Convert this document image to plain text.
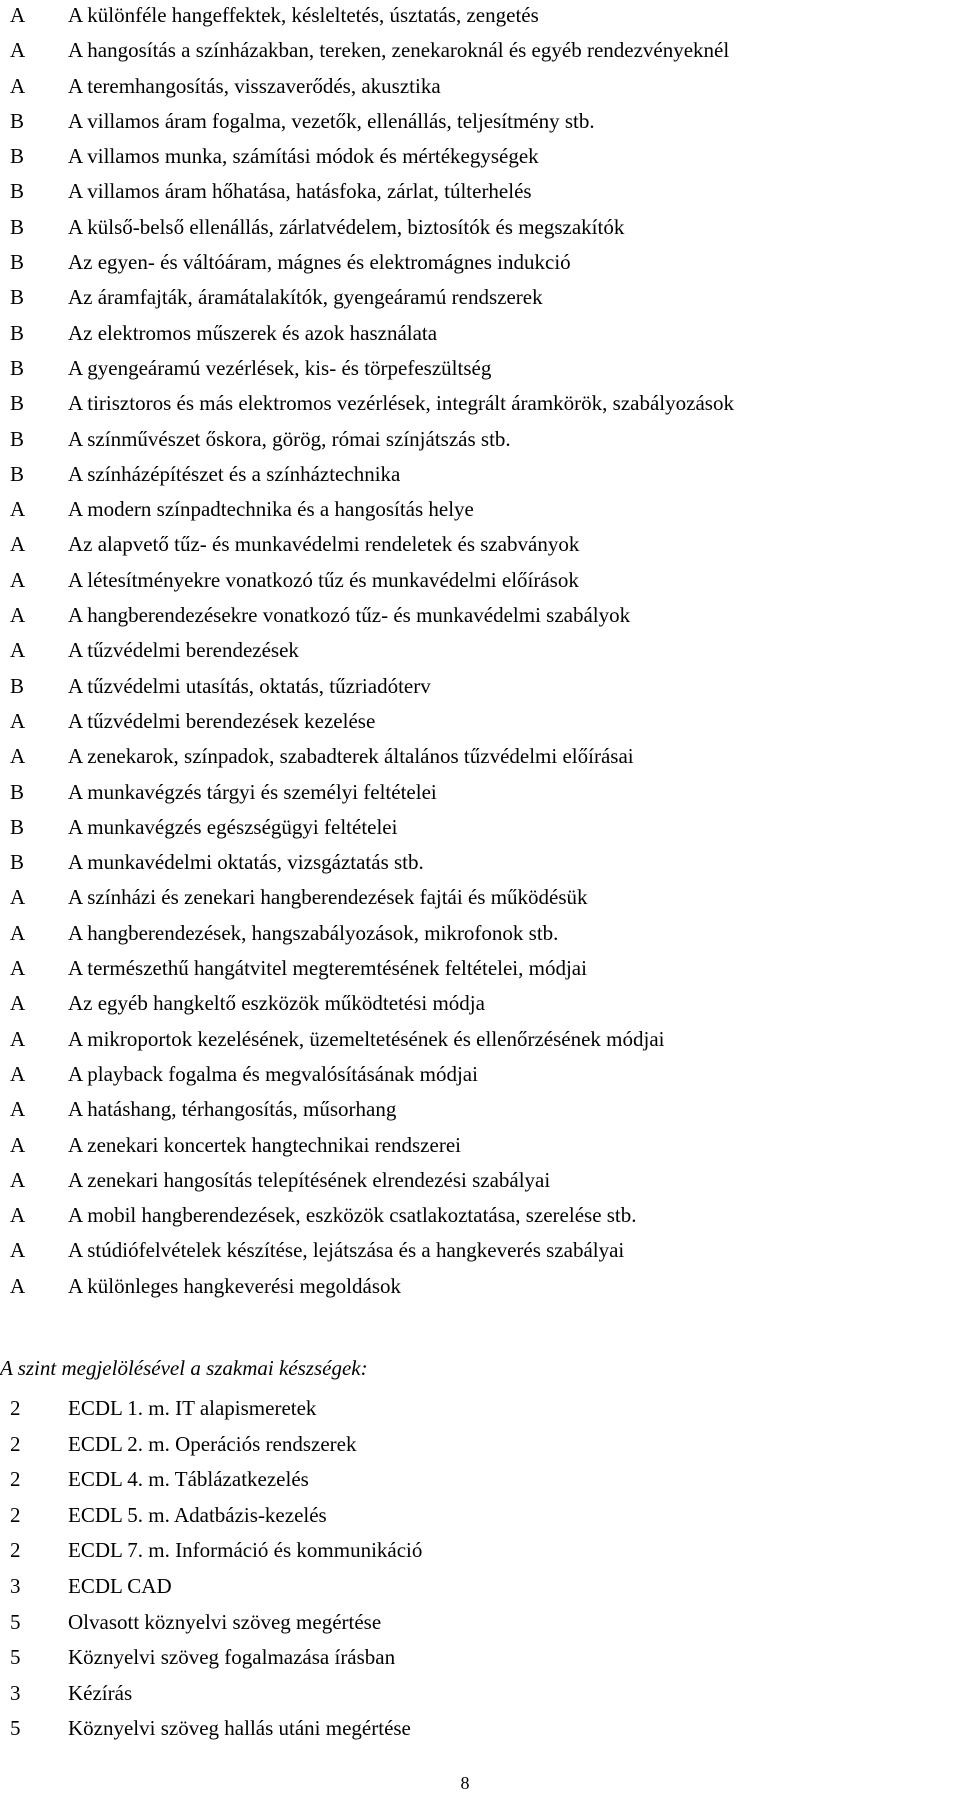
A	A különféle hangeffektek, késleltetés, úsztatás, zengetés
A	A hangosítás a színházakban, tereken, zenekaroknál és egyéb rendezvényeknél
A	A teremhangosítás, visszaverődés, akusztika
B	A villamos áram fogalma, vezetők, ellenállás, teljesítmény stb.
B	A villamos munka, számítási módok és mértékegységek
B	A villamos áram hőhatása, hatásfoka, zárlat, túlterhelés
B	A külső-belső ellenállás, zárlatvédelem, biztosítók és megszakítók
B	Az egyen- és váltóáram, mágnes és elektromágnes indukció
B	Az áramfajták, áramátalakítók, gyengeáramú rendszerek
B	Az elektromos műszerek és azok használata
B	A gyengeáramú vezérlések, kis- és törpefeszültség
B	A tirisztoros és más elektromos vezérlések, integrált áramkörök, szabályozások
B	A színművészet őskora, görög, római színjátszás stb.
B	A színházépítészet és a színháztechnika
A	A modern színpadtechnika és a hangosítás helye
A	Az alapvető tűz- és munkavédelmi rendeletek és szabványok
A	A létesítményekre vonatkozó tűz és munkavédelmi előírások
A	A hangberendezésekre vonatkozó tűz- és munkavédelmi szabályok
A	A tűzvédelmi berendezések
B	A tűzvédelmi utasítás, oktatás, tűzriadóterv
A	A tűzvédelmi berendezések kezelése
A	A zenekarok, színpadok, szabadterek általános tűzvédelmi előírásai
B	A munkavégzés tárgyi és személyi feltételei
B	A munkavégzés egészségügyi feltételei
B	A munkavédelmi oktatás, vizsgáztatás stb.
A	A színházi és zenekari hangberendezések fajtái és működésük
A	A hangberendezések, hangszabályozások, mikrofonok stb.
A	A természethű hangátvitel megteremtésének feltételei, módjai
A	Az egyéb hangkeltő eszközök működtetési módja
A	A mikroportok kezelésének, üzemeltetésének és ellenőrzésének módjai
A	A playback fogalma és megvalósításának módjai
A	A hatáshang, térhangosítás, műsorhang
A	A zenekari koncertek hangtechnikai rendszerei
A	A zenekari hangosítás telepítésének elrendezési szabályai
A	A mobil hangberendezések, eszközök csatlakoztatása, szerelése stb.
A	A stúdiófelvételek készítése, lejátszása és a hangkeverés szabályai
A	A különleges hangkeverési megoldások
A szint megjelölésével a szakmai készségek:
2	ECDL 1. m. IT alapismeretek
2	ECDL 2. m. Operációs rendszerek
2	ECDL 4. m. Táblázatkezelés
2	ECDL 5. m. Adatbázis-kezelés
2	ECDL 7. m. Információ és kommunikáció
3	ECDL CAD
5	Olvasott köznyelvi szöveg megértése
5	Köznyelvi szöveg fogalmazása írásban
3	Kézírás
5	Köznyelvi szöveg hallás utáni megértése
8
